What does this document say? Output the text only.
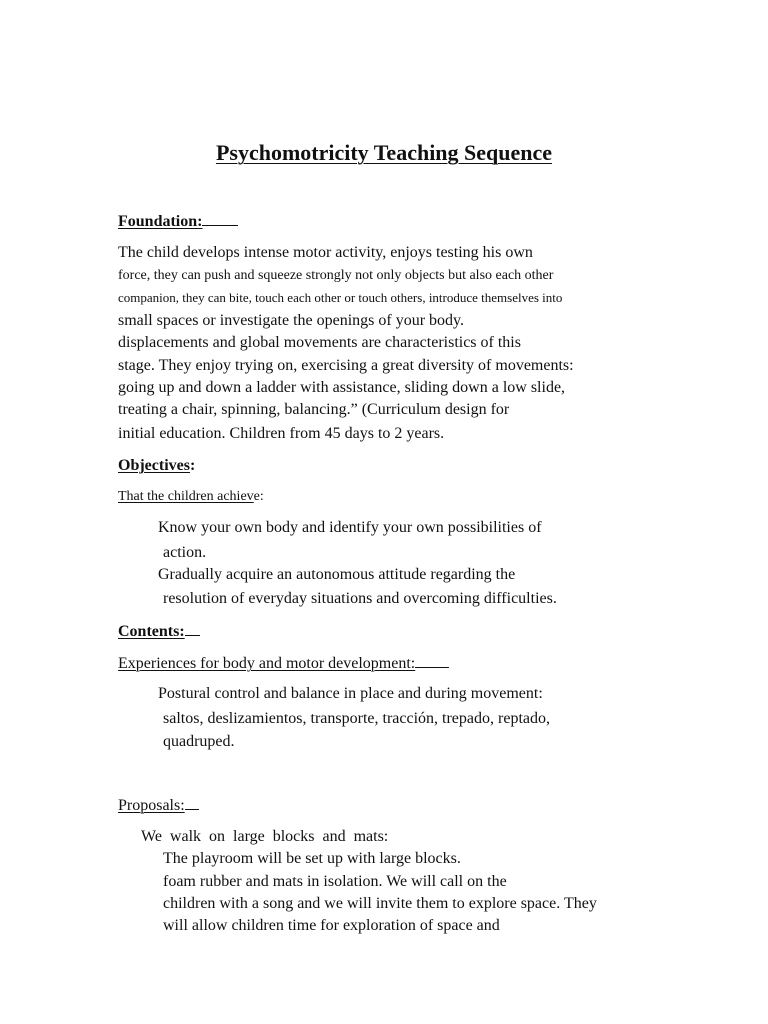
Psychomotricity Teaching Sequence
Foundation:
The child develops intense motor activity, enjoys testing his own
force, they can push and squeeze strongly not only objects but also each other
companion, they can bite, touch each other or touch others, introduce themselves into
small spaces or investigate the openings of your body.
displacements and global movements are characteristics of this
stage. They enjoy trying on, exercising a great diversity of movements:
going up and down a ladder with assistance, sliding down a low slide,
treating a chair, spinning, balancing.” (Curriculum design for
initial education. Children from 45 days to 2 years.
Objectives:
That the children achieve:
Know your own body and identify your own possibilities of
action.
Gradually acquire an autonomous attitude regarding the
resolution of everyday situations and overcoming difficulties.
Contents:
Experiences for body and motor development:
Postural control and balance in place and during movement:
saltos, deslizamientos, transporte, tracción, trepado, reptado,
quadruped.
Proposals:
We  walk  on  large  blocks  and  mats:
The playroom will be set up with large blocks.
foam rubber and mats in isolation. We will call on the
children with a song and we will invite them to explore space. They
will allow children time for exploration of space and
